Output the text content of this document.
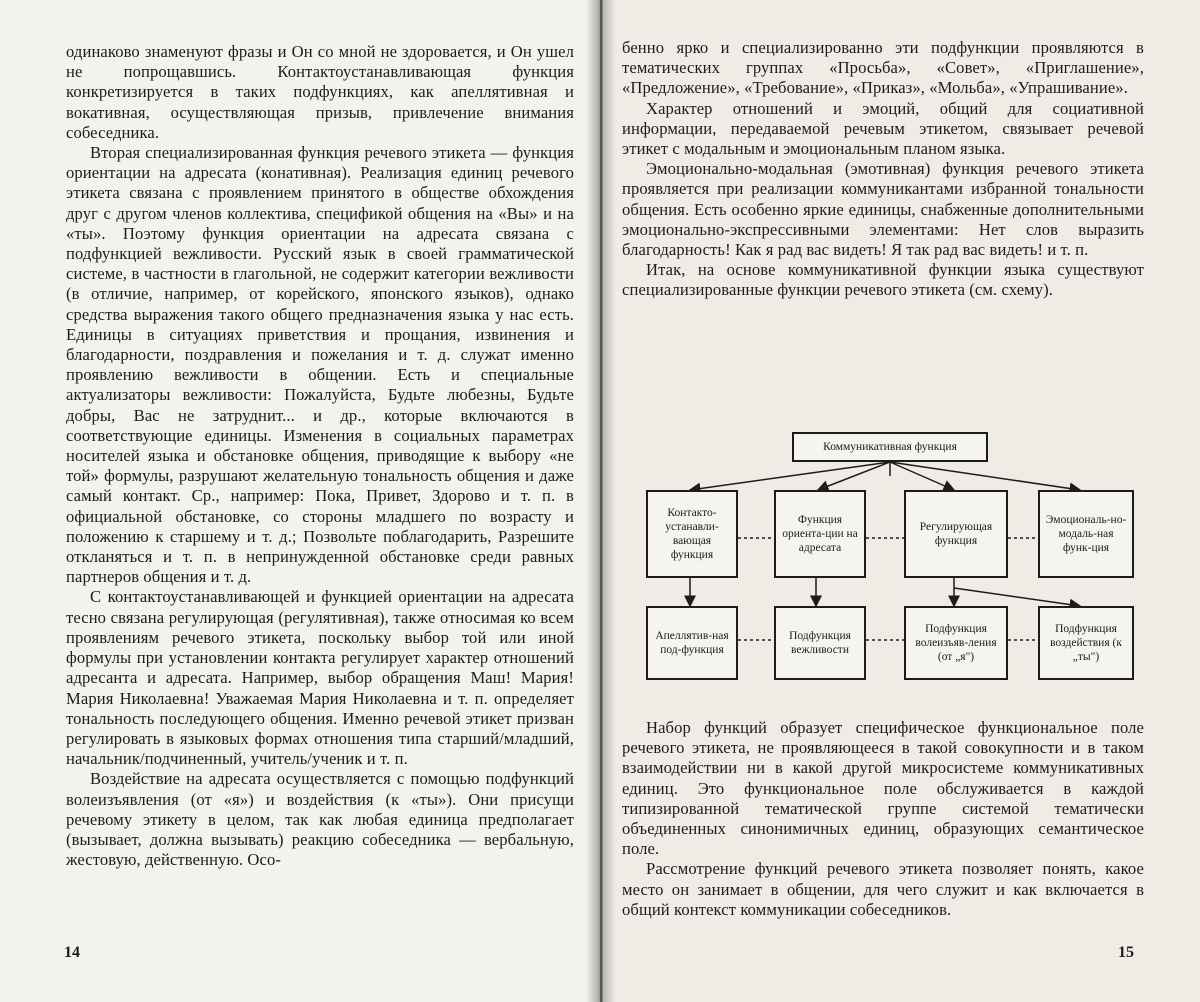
одинаково знаменуют фразы и Он со мной не здоровается, и Он ушел не попрощавшись. Контактоустанавливающая функция конкретизируется в таких подфункциях, как апеллятивная и вокативная, осуществляющая призыв, привлечение внимания собеседника.

Вторая специализированная функция речевого этикета — функция ориентации на адресата (конативная). Реализация единиц речевого этикета связана с проявлением принятого в обществе обхождения друг с другом членов коллектива, спецификой общения на «Вы» и на «ты». Поэтому функция ориентации на адресата связана с подфункцией вежливости. Русский язык в своей грамматической системе, в частности в глагольной, не содержит категории вежливости (в отличие, например, от корейского, японского языков), однако средства выражения такого общего предназначения языка у нас есть. Единицы в ситуациях приветствия и прощания, извинения и благодарности, поздравления и пожелания и т. д. служат именно проявлению вежливости в общении. Есть и специальные актуализаторы вежливости: Пожалуйста, Будьте любезны, Будьте добры, Вас не затруднит... и др., которые включаются в соответствующие единицы. Изменения в социальных параметрах носителей языка и обстановке общения, приводящие к выбору «не той» формулы, разрушают желательную тональность общения и даже самый контакт. Ср., например: Пока, Привет, Здорово и т. п. в официальной обстановке, со стороны младшего по возрасту и положению к старшему и т. д.; Позвольте поблагодарить, Разрешите откланяться и т. п. в непринужденной обстановке среди равных партнеров общения и т. д.

С контактоустанавливающей и функцией ориентации на адресата тесно связана регулирующая (регулятивная), также относимая ко всем проявлениям речевого этикета, поскольку выбор той или иной формулы при установлении контакта регулирует характер отношений адресанта и адресата. Например, выбор обращения Маш! Мария! Мария Николаевна! Уважаемая Мария Николаевна и т. п. определяет тональность последующего общения. Именно речевой этикет призван регулировать в языковых формах отношения типа старший/младший, начальник/подчиненный, учитель/ученик и т. п.

Воздействие на адресата осуществляется с помощью подфункций волеизъявления (от «я») и воздействия (к «ты»). Они присущи речевому этикету в целом, так как любая единица предполагает (вызывает, должна вызывать) реакцию собеседника — вербальную, жестовую, действенную. Осо-

14

бенно ярко и специализированно эти подфункции проявляются в тематических группах «Просьба», «Совет», «Приглашение», «Предложение», «Требование», «Приказ», «Мольба», «Упрашивание».

Характер отношений и эмоций, общий для социативной информации, передаваемой речевым этикетом, связывает речевой этикет с модальным и эмоциональным планом языка.

Эмоционально-модальная (эмотивная) функция речевого этикета проявляется при реализации коммуникантами избранной тональности общения. Есть особенно яркие единицы, снабженные дополнительными эмоционально-экспрессивными элементами: Нет слов выразить благодарность! Как я рад вас видеть! Я так рад вас видеть! и т. п.

Итак, на основе коммуникативной функции языка существуют специализированные функции речевого этикета (см. схему).

Коммуникативная функция
Контакто-устанавли-вающая функция
Функция ориента-ции на адресата
Регулирующая функция
Эмоциональ-но-модаль-ная функ-ция
Апеллятив-ная под-функция
Подфункция вежливости
Подфункция волеизъяв-ления (от „я")
Подфункция воздействия (к „ты")

Набор функций образует специфическое функциональное поле речевого этикета, не проявляющееся в такой совокупности и в таком взаимодействии ни в какой другой микросистеме коммуникативных единиц. Это функциональное поле обслуживается в каждой типизированной тематической группе системой тематически объединенных синонимичных единиц, образующих семантическое поле.

Рассмотрение функций речевого этикета позволяет понять, какое место он занимает в общении, для чего служит и как включается в общий контекст коммуникации собеседников.

15
